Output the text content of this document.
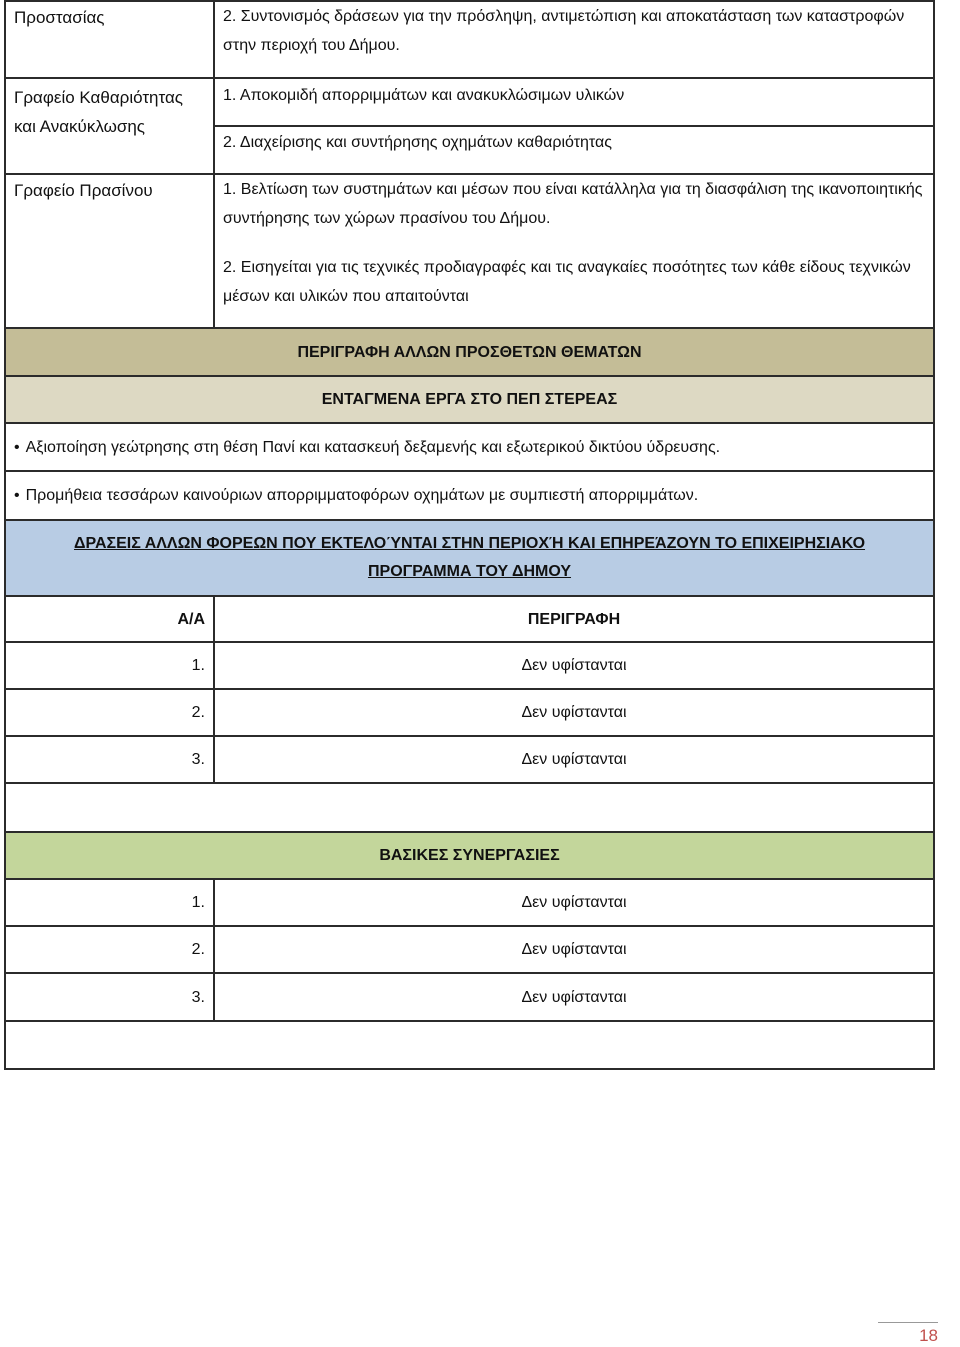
Προστασίας	2. Συντονισμός δράσεων για την πρόσληψη, αντιμετώπιση και αποκατάσταση των καταστροφών στην περιοχή του Δήμου.
Γραφείο Καθαριότητας και Ανακύκλωσης	1. Αποκομιδή απορριμμάτων και ανακυκλώσιμων υλικών
	2. Διαχείρισης και συντήρησης οχημάτων καθαριότητας
Γραφείο Πρασίνου	1. Βελτίωση των συστημάτων και μέσων που είναι κατάλληλα για τη διασφάλιση της ικανοποιητικής συντήρησης των χώρων πρασίνου του Δήμου.
	2. Εισηγείται για τις τεχνικές προδιαγραφές και τις αναγκαίες ποσότητες των κάθε είδους τεχνικών μέσων και υλικών που απαιτούνται
ΠΕΡΙΓΡΑΦΗ ΑΛΛΩΝ ΠΡΟΣΘΕΤΩΝ ΘΕΜΑΤΩΝ	
ΕΝΤΑΓΜΕΝΑ ΕΡΓΑ ΣΤΟ ΠΕΠ ΣΤΕΡΕΑΣ	
• Αξιοποίηση γεώτρησης στη θέση Πανί και κατασκευή δεξαμενής και εξωτερικού δικτύου ύδρευσης.	
• Προμήθεια τεσσάρων καινούριων απορριμματοφόρων οχημάτων με συμπιεστή απορριμμάτων.	

ΔΡΑΣΕΙΣ ΑΛΛΩΝ ΦΟΡΕΩΝ ΠΟΥ ΕΚΤΕΛΟΎΝΤΑΙ ΣΤΗΝ ΠΕΡΙΟΧΉ ΚΑΙ ΕΠΗΡΕΆΖΟΥΝ ΤΟ ΕΠΙΧΕΙΡΗΣΙΑΚΟ
ΠΡΟΓΡΑΜΜΑ ΤΟΥ ΔΗΜΟΥ	

Α/Α	ΠΕΡΙΓΡΑΦΗ
1.	Δεν υφίστανται
2.	Δεν υφίστανται
3.	Δεν υφίστανται

ΒΑΣΙΚΕΣ ΣΥΝΕΡΓΑΣΙΕΣ	
1.	Δεν υφίστανται
2.	Δεν υφίστανται
3.	Δεν υφίστανται

18
